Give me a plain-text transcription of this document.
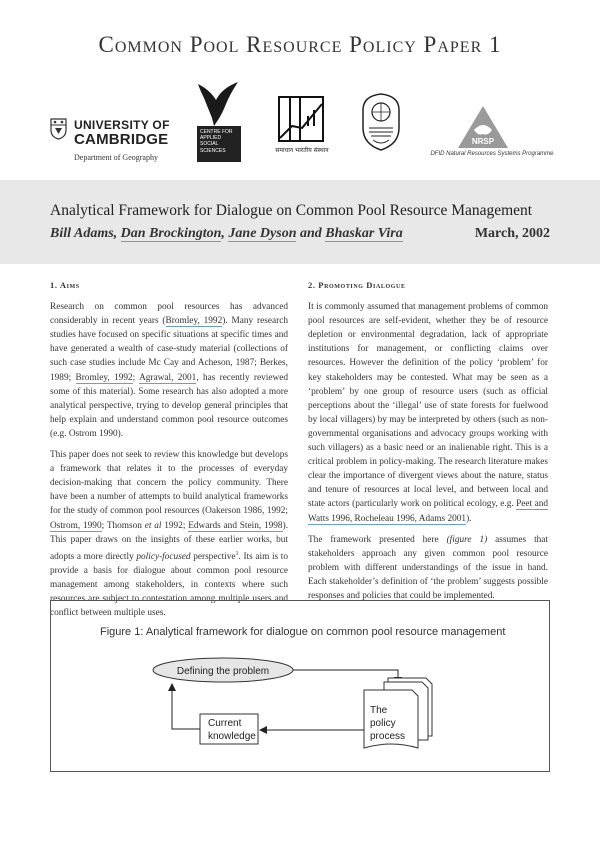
Common Pool Resource Policy Paper 1
UNIVERSITY OF
CAMBRIDGE
Department of Geography
CENTRE FOR
APPLIED
SOCIAL
SCIENCES	समाधान भारतीय संस्थान
NRSP
DFID Natural Resources Systems Programme
Analytical Framework for Dialogue on Common Pool Resource Management
Bill Adams, Dan Brockington, Jane Dyson and Bhaskar Vira	March, 2002
1. Aims

Research on common pool resources has advanced considerably in recent years (Bromley, 1992). Many research studies have focused on specific situations at specific times and have generated a wealth of case-study material (collections of such case studies include Mc Cay and Acheson, 1987; Berkes, 1989; Bromley, 1992; Agrawal, 2001, has recently reviewed some of this material). Some research has also adopted a more analytical perspective, trying to develop general principles that help explain and understand common pool resource outcomes (e.g. Ostrom 1990).

This paper does not seek to review this knowledge but develops a framework that relates it to the processes of everyday decision-making that concern the policy community. There have been a number of attempts to build analytical frameworks for the study of common pool resources (Oakerson 1986, 1992; Ostrom, 1990; Thomson et al 1992; Edwards and Stein, 1998). This paper draws on the insights of these earlier works, but adopts a more directly policy-focused perspective$^1$. Its aim is to provide a basis for dialogue about common pool resource management among stakeholders, in contexts where such resources are subject to contestation among multiple users and conflict between multiple uses.

2. Promoting Dialogue

It is commonly assumed that management problems of common pool resources are self-evident, whether they be of resource depletion or environmental degradation, lack of appropriate institutions for management, or conflicting claims over resources. However the definition of the policy ‘problem’ for key stakeholders may be contested. What may be seen as a ‘problem’ by one group of resource users (such as official perceptions about the ‘illegal’ use of state forests for fuelwood by local villagers) by may be interpreted by others (such as non-governmental organisations and advocacy groups working with such villagers) as a basic need or an inalienable right. This is a critical problem in policy-making. The research literature makes clear the importance of divergent views about the nature, status and tenure of resources at local level, and between local and state actors (particularly work on political ecology, e.g. Peet and Watts 1996, Rocheleau 1996, Adams 2001).

The framework presented here (figure 1) assumes that stakeholders approach any given common pool resource problem with different understandings of the issue in hand. Each stakeholder’s definition of ‘the problem’ suggests possible responses and policies that could be implemented.

Figure 1: Analytical framework for dialogue on common pool resource management
Defining the problem
The
policy
process
Current
knowledge
